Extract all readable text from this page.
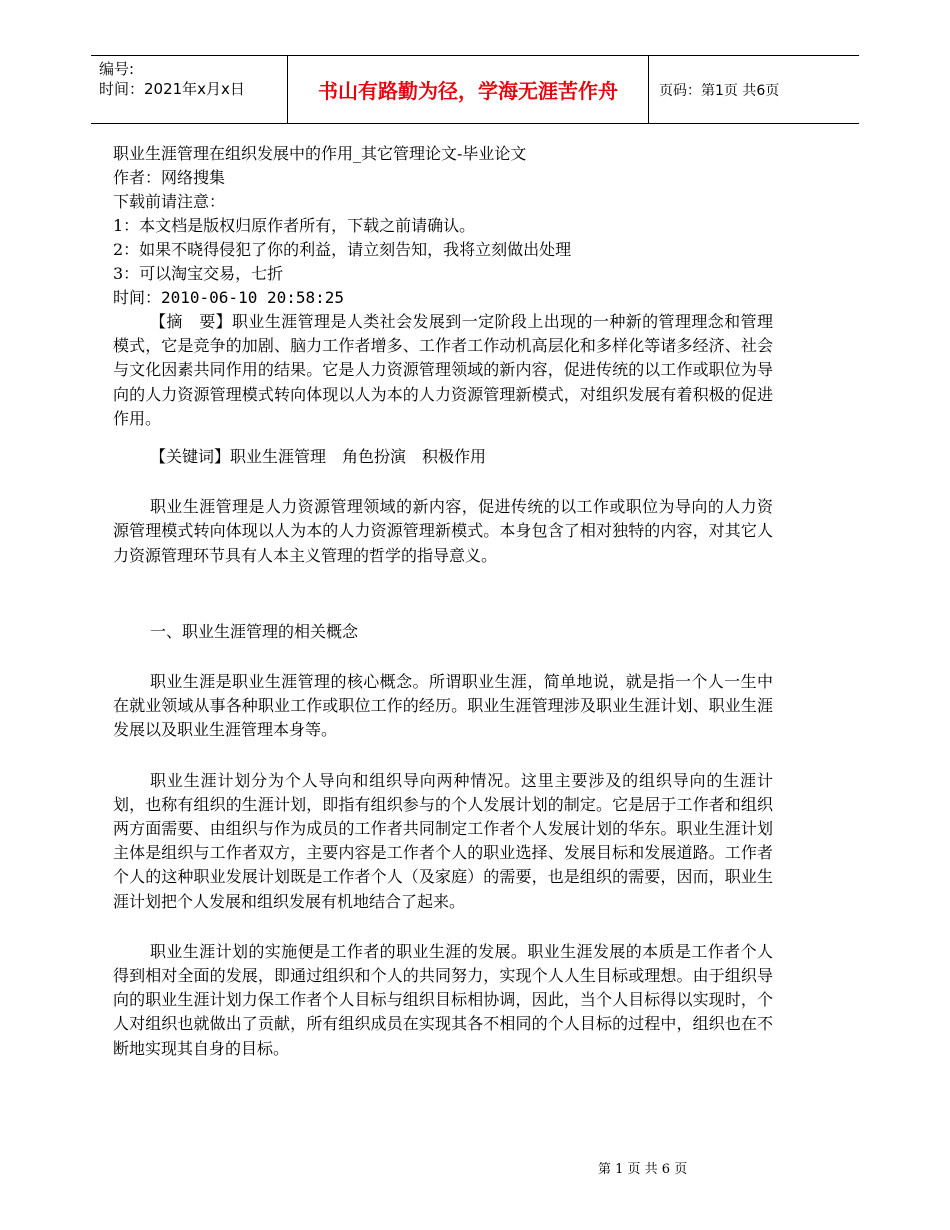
编号:
时间：2021年x月x日	书山有路勤为径，学海无涯苦作舟	页码：第1页 共6页
职业生涯管理在组织发展中的作用_其它管理论文-毕业论文
作者：网络搜集
下载前请注意：
1：本文档是版权归原作者所有，下载之前请确认。
2：如果不晓得侵犯了你的利益，请立刻告知，我将立刻做出处理
3：可以淘宝交易，七折
时间：2010-06-10 20:58:25
【摘　要】职业生涯管理是人类社会发展到一定阶段上出现的一种新的管理理念和管理模式，它是竞争的加剧、脑力工作者增多、工作者工作动机高层化和多样化等诸多经济、社会与文化因素共同作用的结果。它是人力资源管理领域的新内容，促进传统的以工作或职位为导向的人力资源管理模式转向体现以人为本的人力资源管理新模式，对组织发展有着积极的促进作用。
【关键词】职业生涯管理　角色扮演　积极作用
职业生涯管理是人力资源管理领域的新内容，促进传统的以工作或职位为导向的人力资源管理模式转向体现以人为本的人力资源管理新模式。本身包含了相对独特的内容，对其它人力资源管理环节具有人本主义管理的哲学的指导意义。
一、职业生涯管理的相关概念
职业生涯是职业生涯管理的核心概念。所谓职业生涯，简单地说，就是指一个人一生中在就业领域从事各种职业工作或职位工作的经历。职业生涯管理涉及职业生涯计划、职业生涯发展以及职业生涯管理本身等。
职业生涯计划分为个人导向和组织导向两种情况。这里主要涉及的组织导向的生涯计划，也称有组织的生涯计划，即指有组织参与的个人发展计划的制定。它是居于工作者和组织两方面需要、由组织与作为成员的工作者共同制定工作者个人发展计划的华东。职业生涯计划主体是组织与工作者双方，主要内容是工作者个人的职业选择、发展目标和发展道路。工作者个人的这种职业发展计划既是工作者个人（及家庭）的需要，也是组织的需要，因而，职业生涯计划把个人发展和组织发展有机地结合了起来。
职业生涯计划的实施便是工作者的职业生涯的发展。职业生涯发展的本质是工作者个人得到相对全面的发展，即通过组织和个人的共同努力，实现个人人生目标或理想。由于组织导向的职业生涯计划力保工作者个人目标与组织目标相协调，因此，当个人目标得以实现时，个人对组织也就做出了贡献，所有组织成员在实现其各不相同的个人目标的过程中，组织也在不断地实现其自身的目标。
第 1 页 共 6 页
